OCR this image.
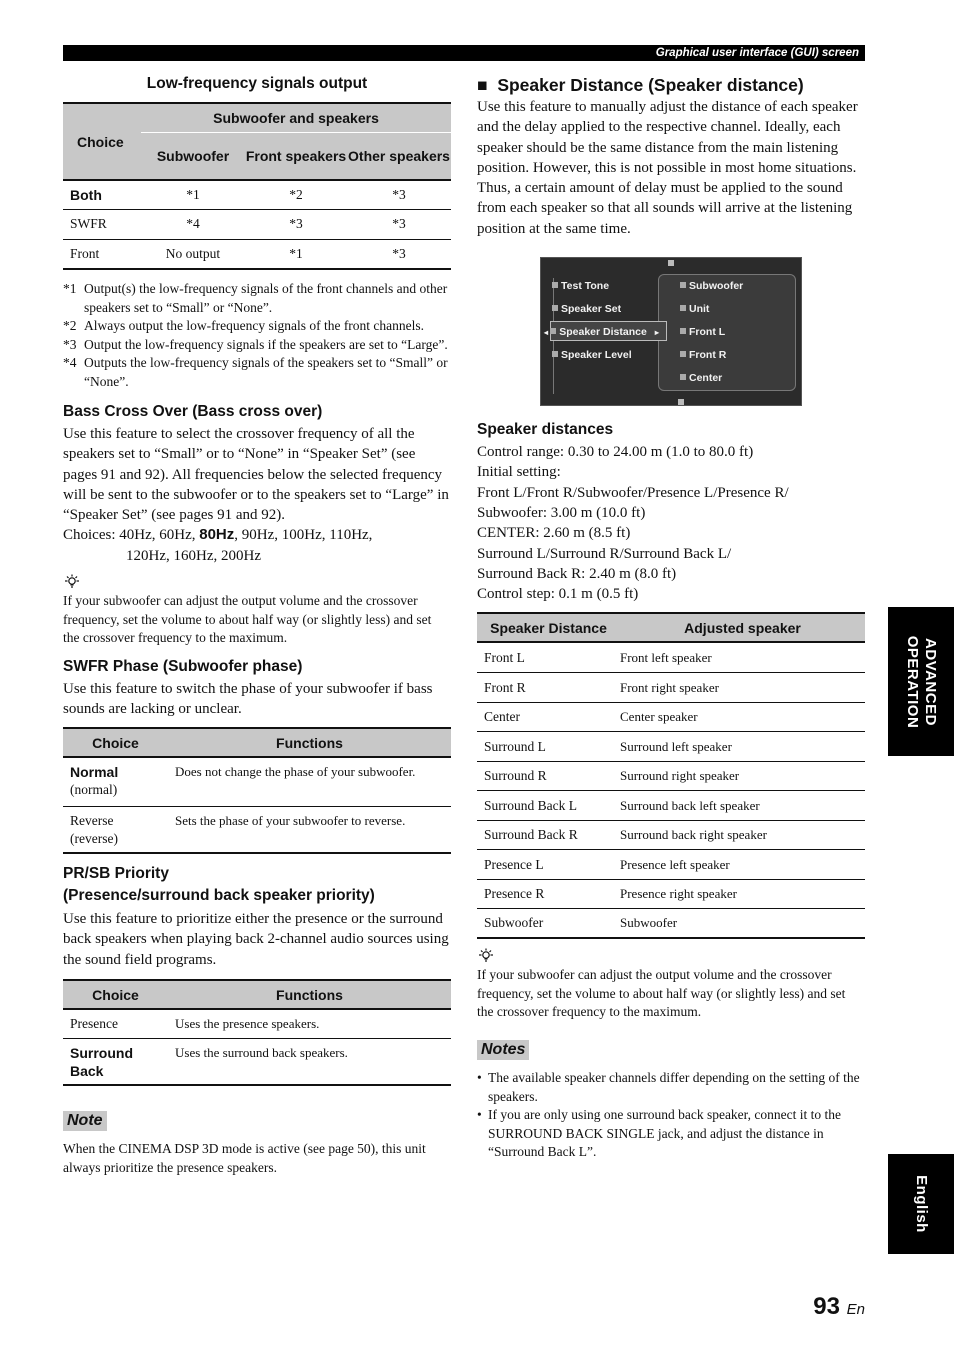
Graphical user interface (GUI) screen
Low-frequency signals output
Choice	Subwoofer and speakers		
	Subwoofer	Front speakers	Other speakers
Both	*1	*2	*3
SWFR	*4	*3	*3
Front	No output	*1	*3
*1 Output(s) the low-frequency signals of the front channels and other speakers set to “Small” or “None”.
*2 Always output the low-frequency signals of the front channels.
*3 Output the low-frequency signals if the speakers are set to “Large”.
*4 Outputs the low-frequency signals of the speakers set to “Small” or “None”.
Bass Cross Over (Bass cross over)

Use this feature to select the crossover frequency of all the speakers set to “Small” or to “None” in “Speaker Set” (see pages 91 and 92). All frequencies below the selected frequency will be sent to the subwoofer or to the speakers set to “Large” in “Speaker Set” (see pages 91 and 92).

Choices: 40Hz, 60Hz, 80Hz, 90Hz, 100Hz, 110Hz,

120Hz, 160Hz, 200Hz

If your subwoofer can adjust the output volume and the crossover frequency, set the volume to about half way (or slightly less) and set the crossover frequency to the maximum.

SWFR Phase (Subwoofer phase)

Use this feature to switch the phase of your subwoofer if bass sounds are lacking or unclear.

Choice	Functions

Normal
(normal)	Does not change the phase of your subwoofer.

Reverse
(reverse)	Sets the phase of your subwoofer to reverse.
PR/SB Priority
(Presence/surround back speaker priority)

Use this feature to prioritize either the presence or the surround back speakers when playing back 2-channel audio sources using the sound field programs.

Choice	Functions
Presence	Uses the presence speakers.
Surround Back	Uses the surround back speakers.
Note

When the CINEMA DSP 3D mode is active (see page 50), this unit always prioritize the presence speakers.

■ Speaker Distance (Speaker distance)

Use this feature to manually adjust the distance of each speaker and the delay applied to the respective channel. Ideally, each speaker should be the same distance from the main listening position. However, this is not possible in most home situations. Thus, a certain amount of delay must be applied to the sound from each speaker so that all sounds will arrive at the listening position at the same time.

Test Tone
Speaker Set
◂ Speaker Distance ▸
Speaker Level
Subwoofer
Unit
Front L
Front R
Center
Speaker distances

Control range: 0.30 to 24.00 m (1.0 to 80.0 ft)

Initial setting:

Front L/Front R/Subwoofer/Presence L/Presence R/

Subwoofer: 3.00 m (10.0 ft)

CENTER: 2.60 m (8.5 ft)

Surround L/Surround R/Surround Back L/

Surround Back R: 2.40 m (8.0 ft)

Control step: 0.1 m (0.5 ft)

Speaker Distance	Adjusted speaker
Front L	Front left speaker
Front R	Front right speaker
Center	Center speaker
Surround L	Surround left speaker
Surround R	Surround right speaker
Surround Back L	Surround back left speaker
Surround Back R	Surround back right speaker
Presence L	Presence left speaker
Presence R	Presence right speaker
Subwoofer	Subwoofer

If your subwoofer can adjust the output volume and the crossover frequency, set the volume to about half way (or slightly less) and set the crossover frequency to the maximum.

Notes
• The available speaker channels differ depending on the setting of the speakers.
• If you are only using one surround back speaker, connect it to the SURROUND BACK SINGLE jack, and adjust the distance in “Surround Back L”.
ADVANCED
OPERATION
English
93 En
